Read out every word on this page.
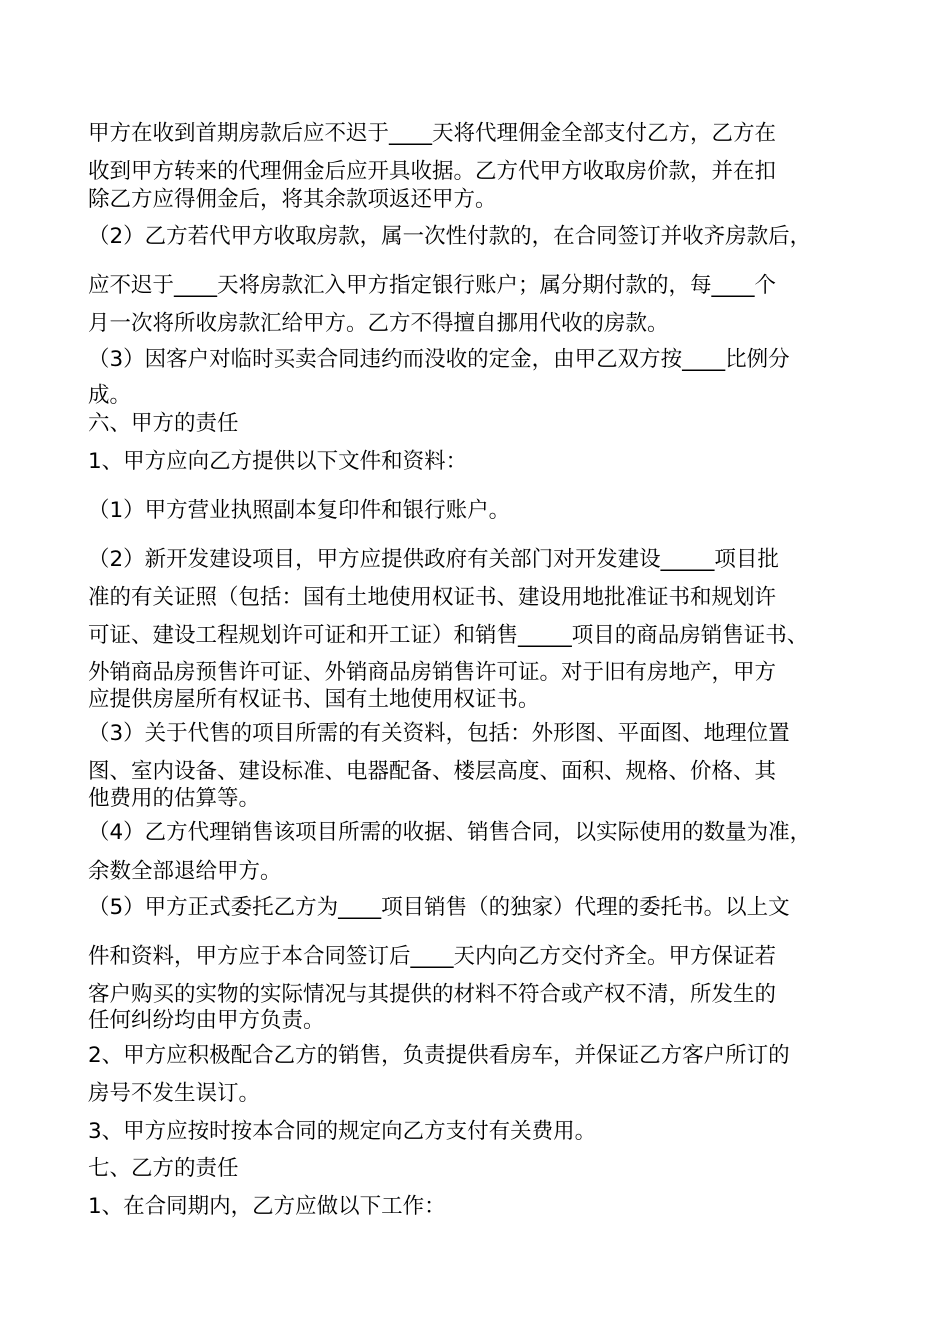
甲方在收到首期房款后应不迟于____天将代理佣金全部支付乙方，乙方在
收到甲方转来的代理佣金后应开具收据。乙方代甲方收取房价款，并在扣
除乙方应得佣金后，将其余款项返还甲方。
（2）乙方若代甲方收取房款，属一次性付款的，在合同签订并收齐房款后，
应不迟于____天将房款汇入甲方指定银行账户；属分期付款的，每____个
月一次将所收房款汇给甲方。乙方不得擅自挪用代收的房款。
（3）因客户对临时买卖合同违约而没收的定金，由甲乙双方按____比例分
成。
六、甲方的责任
1、甲方应向乙方提供以下文件和资料：
（1）甲方营业执照副本复印件和银行账户。
（2）新开发建设项目，甲方应提供政府有关部门对开发建设_____项目批
准的有关证照（包括：国有土地使用权证书、建设用地批准证书和规划许
可证、建设工程规划许可证和开工证）和销售_____项目的商品房销售证书、
外销商品房预售许可证、外销商品房销售许可证。对于旧有房地产，甲方
应提供房屋所有权证书、国有土地使用权证书。
（3）关于代售的项目所需的有关资料，包括：外形图、平面图、地理位置
图、室内设备、建设标准、电器配备、楼层高度、面积、规格、价格、其
他费用的估算等。
（4）乙方代理销售该项目所需的收据、销售合同，以实际使用的数量为准，
余数全部退给甲方。
（5）甲方正式委托乙方为____项目销售（的独家）代理的委托书。以上文
件和资料，甲方应于本合同签订后____天内向乙方交付齐全。甲方保证若
客户购买的实物的实际情况与其提供的材料不符合或产权不清，所发生的
任何纠纷均由甲方负责。
2、甲方应积极配合乙方的销售，负责提供看房车，并保证乙方客户所订的
房号不发生误订。
3、甲方应按时按本合同的规定向乙方支付有关费用。
七、乙方的责任
1、在合同期内，乙方应做以下工作：
